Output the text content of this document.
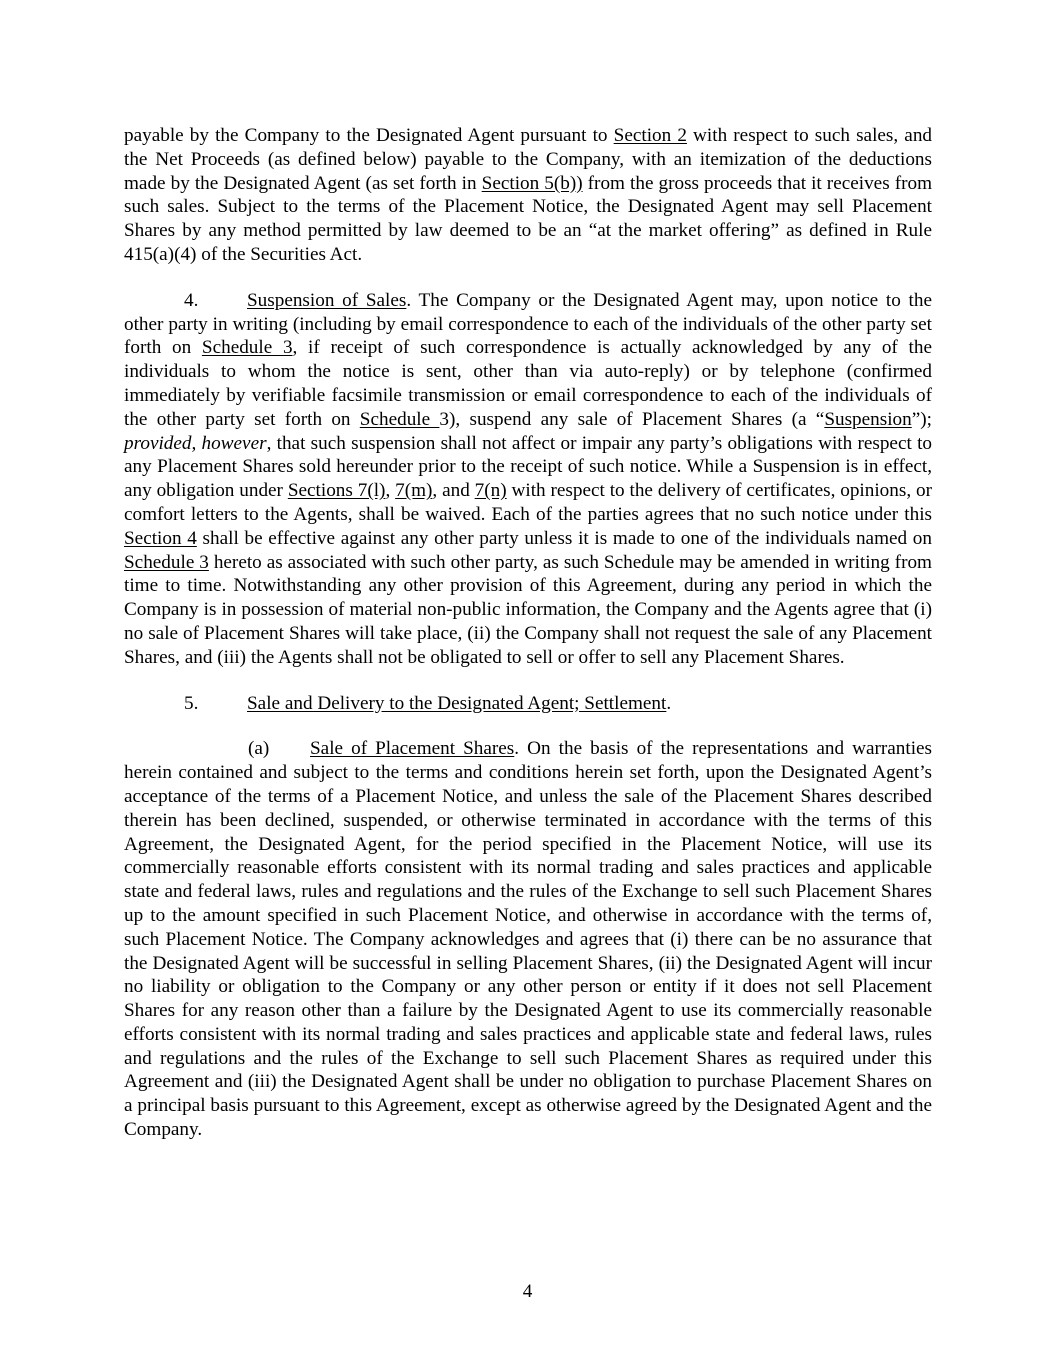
payable by the Company to the Designated Agent pursuant to Section 2 with respect to such sales, and the Net Proceeds (as defined below) payable to the Company, with an itemization of the deductions made by the Designated Agent (as set forth in Section 5(b)) from the gross proceeds that it receives from such sales. Subject to the terms of the Placement Notice, the Designated Agent may sell Placement Shares by any method permitted by law deemed to be an “at the market offering” as defined in Rule 415(a)(4) of the Securities Act.

4.	Suspension of Sales. The Company or the Designated Agent may, upon notice to the other party in writing (including by email correspondence to each of the individuals of the other party set forth on Schedule 3, if receipt of such correspondence is actually acknowledged by any of the individuals to whom the notice is sent, other than via auto-reply) or by telephone (confirmed immediately by verifiable facsimile transmission or email correspondence to each of the individuals of the other party set forth on Schedule 3), suspend any sale of Placement Shares (a “Suspension”); provided, however, that such suspension shall not affect or impair any party’s obligations with respect to any Placement Shares sold hereunder prior to the receipt of such notice. While a Suspension is in effect, any obligation under Sections 7(l), 7(m), and 7(n) with respect to the delivery of certificates, opinions, or comfort letters to the Agents, shall be waived. Each of the parties agrees that no such notice under this Section 4 shall be effective against any other party unless it is made to one of the individuals named on Schedule 3 hereto as associated with such other party, as such Schedule may be amended in writing from time to time. Notwithstanding any other provision of this Agreement, during any period in which the Company is in possession of material non-public information, the Company and the Agents agree that (i) no sale of Placement Shares will take place, (ii) the Company shall not request the sale of any Placement Shares, and (iii) the Agents shall not be obligated to sell or offer to sell any Placement Shares.

5.	Sale and Delivery to the Designated Agent; Settlement.

(a) Sale of Placement Shares. On the basis of the representations and warranties herein contained and subject to the terms and conditions herein set forth, upon the Designated Agent’s acceptance of the terms of a Placement Notice, and unless the sale of the Placement Shares described therein has been declined, suspended, or otherwise terminated in accordance with the terms of this Agreement, the Designated Agent, for the period specified in the Placement Notice, will use its commercially reasonable efforts consistent with its normal trading and sales practices and applicable state and federal laws, rules and regulations and the rules of the Exchange to sell such Placement Shares up to the amount specified in such Placement Notice, and otherwise in accordance with the terms of, such Placement Notice. The Company acknowledges and agrees that (i) there can be no assurance that the Designated Agent will be successful in selling Placement Shares, (ii) the Designated Agent will incur no liability or obligation to the Company or any other person or entity if it does not sell Placement Shares for any reason other than a failure by the Designated Agent to use its commercially reasonable efforts consistent with its normal trading and sales practices and applicable state and federal laws, rules and regulations and the rules of the Exchange to sell such Placement Shares as required under this Agreement and (iii) the Designated Agent shall be under no obligation to purchase Placement Shares on a principal basis pursuant to this Agreement, except as otherwise agreed by the Designated Agent and the Company.

4
